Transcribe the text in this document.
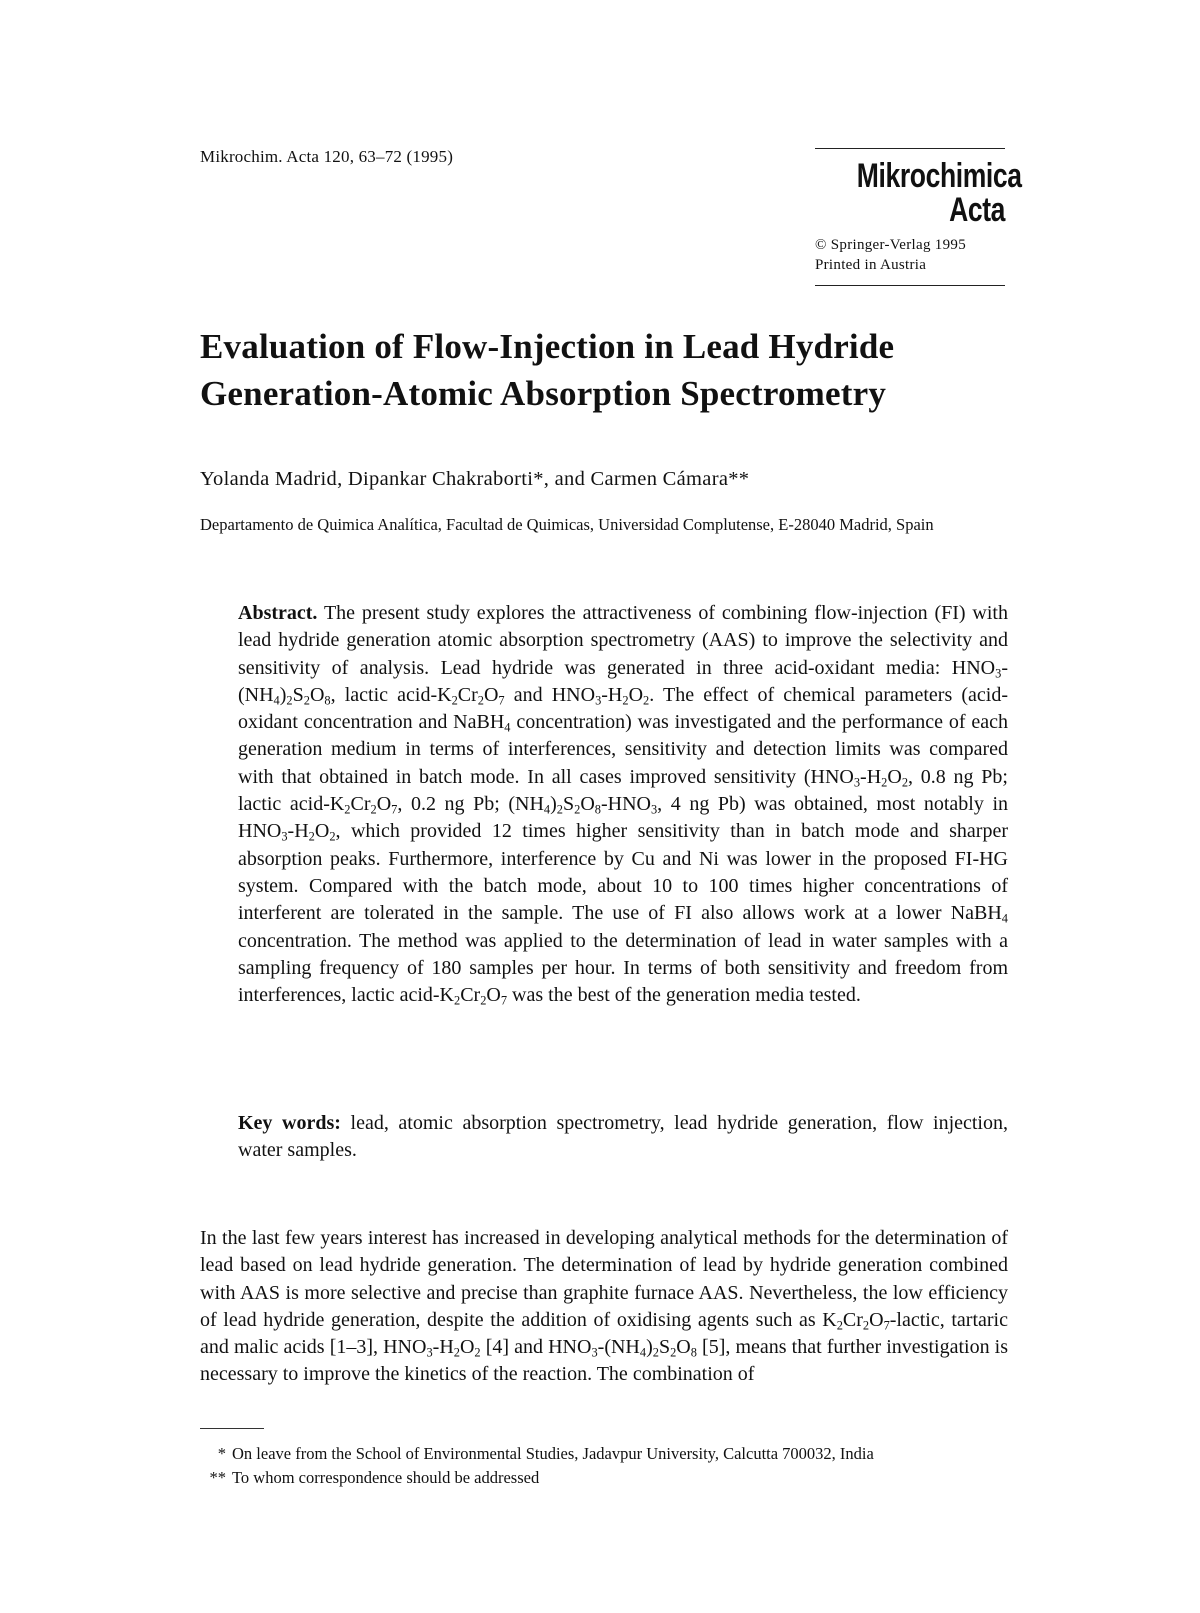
Mikrochim. Acta 120, 63–72 (1995)
Mikrochimica
Acta
© Springer-Verlag 1995
Printed in Austria
Evaluation of Flow-Injection in Lead Hydride
Generation-Atomic Absorption Spectrometry
Yolanda Madrid, Dipankar Chakraborti*, and Carmen Cámara**
Departamento de Quimica Analítica, Facultad de Quimicas, Universidad Complutense, E-28040 Madrid, Spain
Abstract. The present study explores the attractiveness of combining flow-injection (FI) with lead hydride generation atomic absorption spectrometry (AAS) to improve the selectivity and sensitivity of analysis. Lead hydride was generated in three acid-oxidant media: $HNO_3-(NH_4)_2S_2O_8$, lactic acid-$K_2Cr_2O_7$ and $HNO_3-H_2O_2$. The effect of chemical parameters (acid-oxidant concentration and NaBH$_4$ concentration) was investigated and the performance of each generation medium in terms of interferences, sensitivity and detection limits was compared with that obtained in batch mode. In all cases improved sensitivity ($HNO_3-H_2O_2$, 0.8 ng Pb; lactic acid-$K_2Cr_2O_7$, 0.2 ng Pb; $(NH_4)_2S_2O_8-HNO_3$, 4 ng Pb) was obtained, most notably in $HNO_3-H_2O_2$, which provided 12 times higher sensitivity than in batch mode and sharper absorption peaks. Furthermore, interference by Cu and Ni was lower in the proposed FI-HG system. Compared with the batch mode, about 10 to 100 times higher concentrations of interferent are tolerated in the sample. The use of FI also allows work at a lower NaBH$_4$ concentration. The method was applied to the determination of lead in water samples with a sampling frequency of 180 samples per hour. In terms of both sensitivity and freedom from interferences, lactic acid-$K_2Cr_2O_7$ was the best of the generation media tested.
Key words: lead, atomic absorption spectrometry, lead hydride generation, flow injection, water samples.
In the last few years interest has increased in developing analytical methods for the determination of lead based on lead hydride generation. The determination of lead by hydride generation combined with AAS is more selective and precise than graphite furnace AAS. Nevertheless, the low efficiency of lead hydride generation, despite the addition of oxidising agents such as $K_2Cr_2O_7$-lactic, tartaric and malic acids [1–3], $HNO_3-H_2O_2$ [4] and $HNO_3-(NH_4)_2S_2O_8$ [5], means that further investigation is necessary to improve the kinetics of the reaction. The combination of
* On leave from the School of Environmental Studies, Jadavpur University, Calcutta 700032, India
** To whom correspondence should be addressed
